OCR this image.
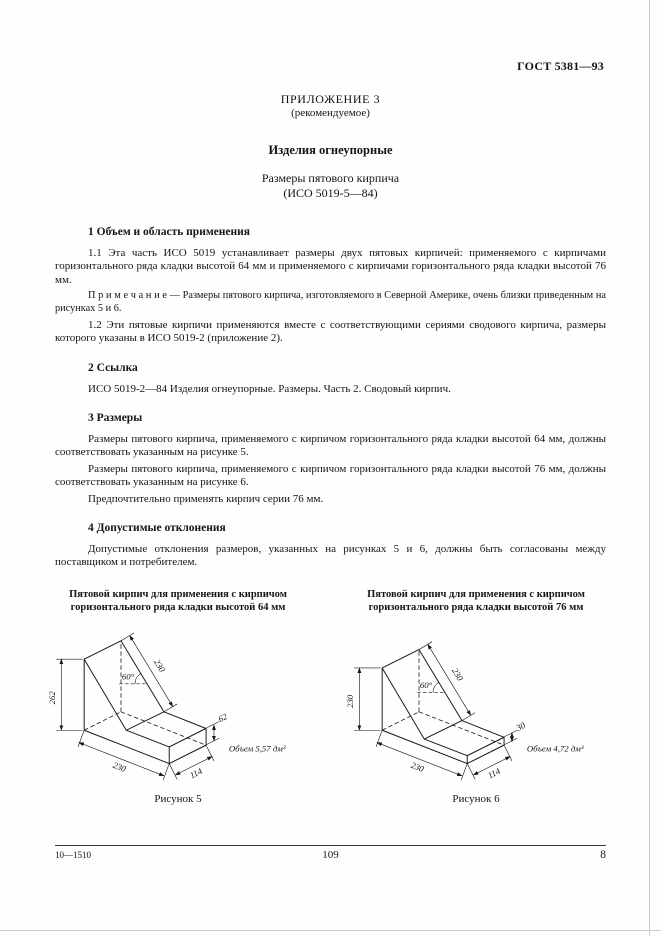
ГОСТ 5381—93
ПРИЛОЖЕНИЕ 3
(рекомендуемое)
Изделия огнеупорные
Размеры пятового кирпича
(ИСО 5019-5—84)
1 Объем и область применения

1.1 Эта часть ИСО 5019 устанавливает размеры двух пятовых кирпичей: применяемого с кирпичами горизонтального ряда кладки высотой 64 мм и применяемого с кирпичами горизонтального ряда кладки высотой 76 мм.

П р и м е ч а н и е — Размеры пятового кирпича, изготовляемого в Северной Америке, очень близки приведенным на рисунках 5 и 6.

1.2 Эти пятовые кирпичи применяются вместе с соответствующими сериями сводового кирпича, размеры которого указаны в ИСО 5019-2 (приложение 2).

2 Ссылка

ИСО 5019-2—84 Изделия огнеупорные. Размеры. Часть 2. Сводовый кирпич.

3 Размеры

Размеры пятового кирпича, применяемого с кирпичом горизонтального ряда кладки высотой 64 мм, должны соответствовать указанным на рисунке 5.

Размеры пятового кирпича, применяемого с кирпичом горизонтального ряда кладки высотой 76 мм, должны соответствовать указанным на рисунке 6.

Предпочтительно применять кирпич серии 76 мм.

4 Допустимые отклонения

Допустимые отклонения размеров, указанных на рисунках 5 и 6, должны быть согласованы между поставщиком и потребителем.

Пятовой кирпич для применения с кирпичом
горизонтального ряда кладки высотой 64 мм
262
230
62
230	114
60°
Объем 5,57 дм³
Рисунок 5
Пятовой кирпич для применения с кирпичом
горизонтального ряда кладки высотой 76 мм
230
230
30
230	114
60°
Объем 4,72 дм³
Рисунок 6
10—1510	109	8
